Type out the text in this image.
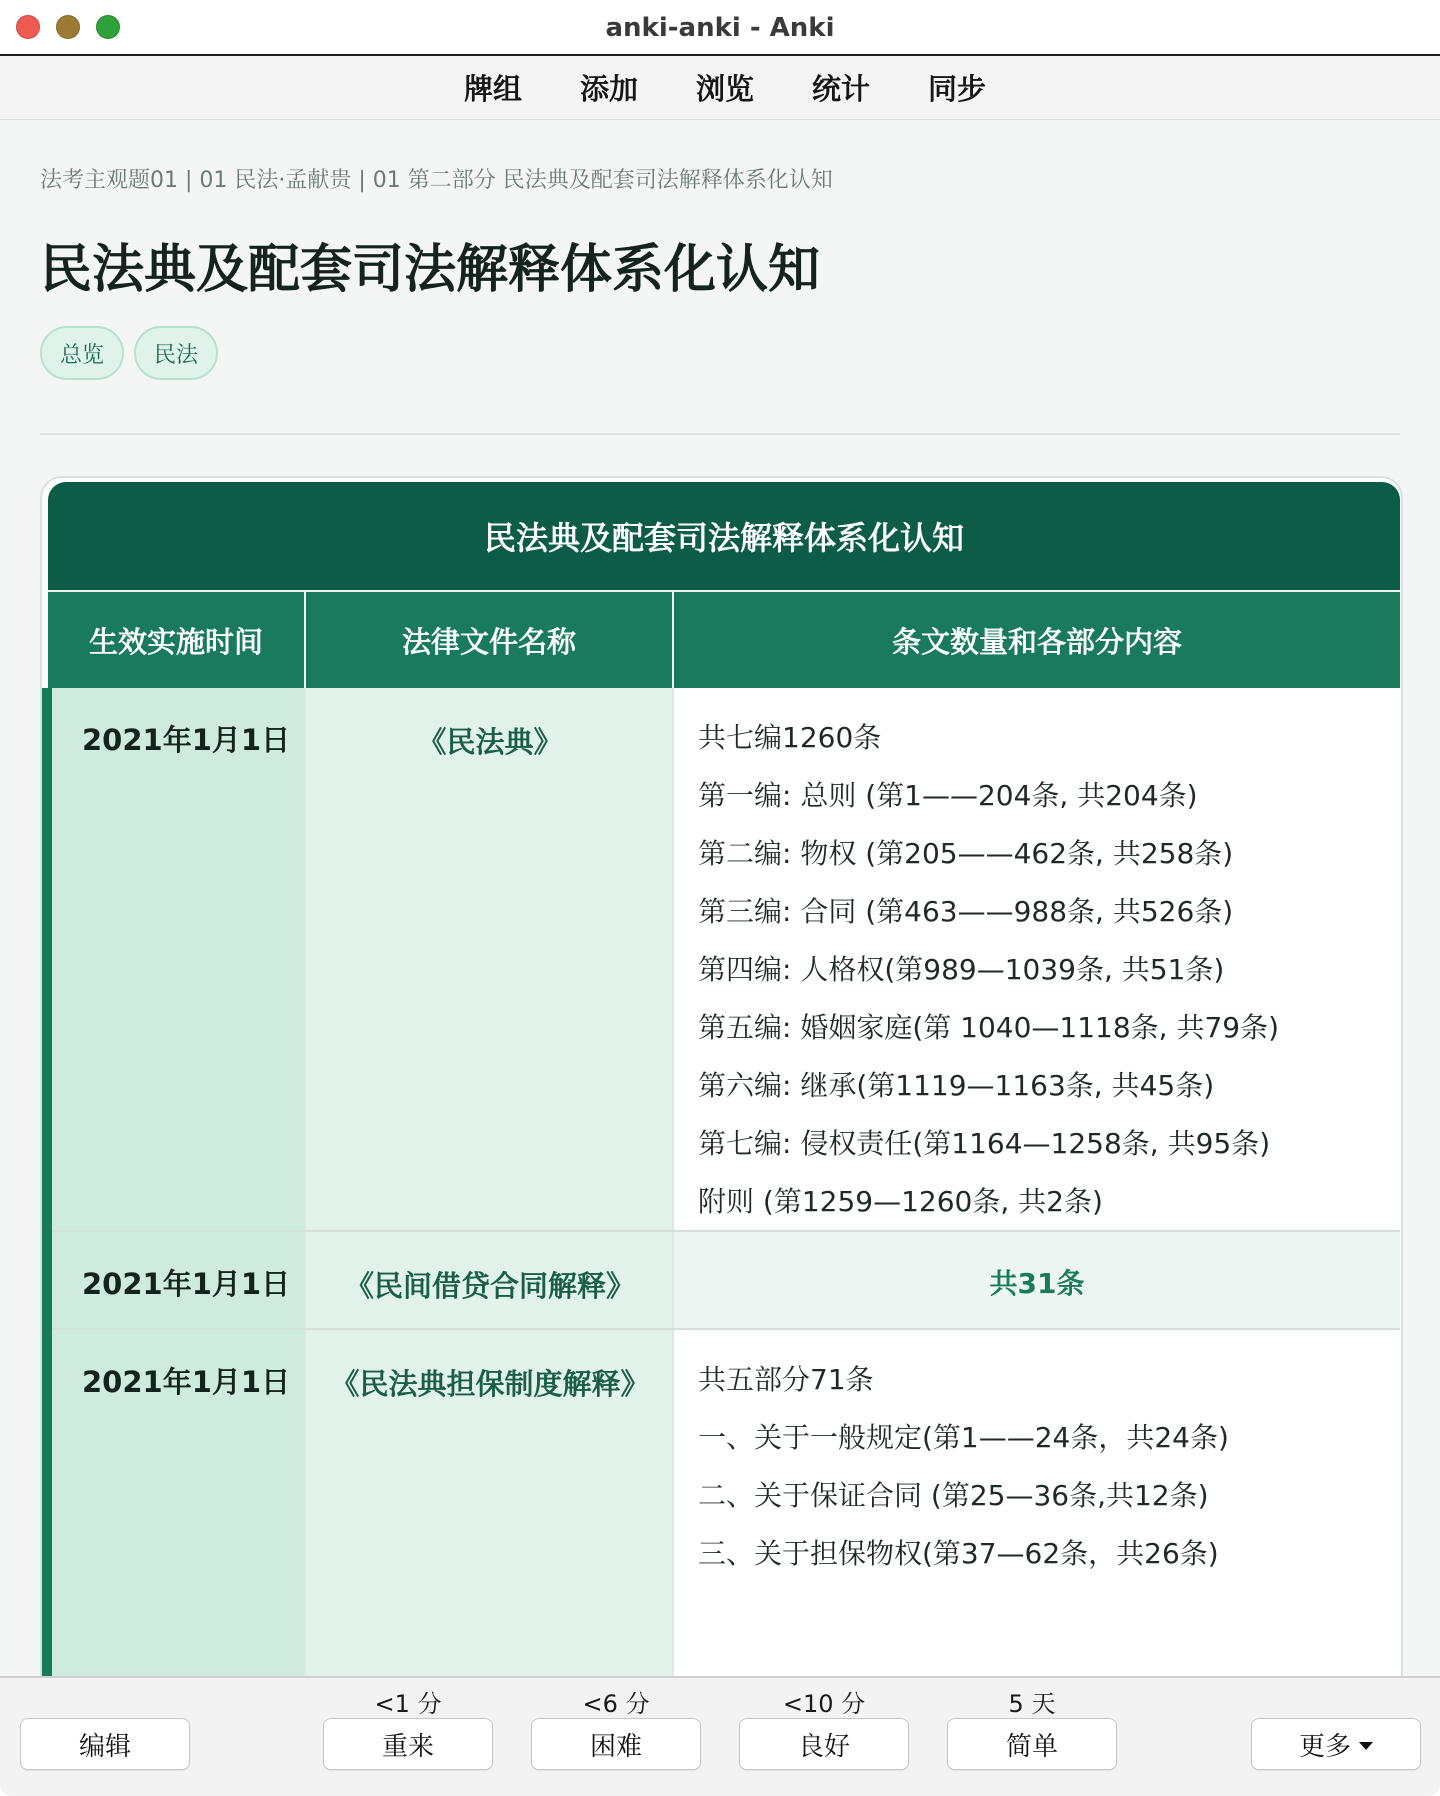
anki-anki - Anki
牌组 添加 浏览 统计 同步
法考主观题01 | 01 民法·孟献贵 | 01 第二部分 民法典及配套司法解释体系化认知
民法典及配套司法解释体系化认知
总览	民法
民法典及配套司法解释体系化认知
生效实施时间	法律文件名称	条文数量和各部分内容
2021年1月1日	《民法典》	共七编1260条
第一编: 总则 (第1——204条, 共204条)
第二编: 物权 (第205——462条, 共258条)
第三编: 合同 (第463——988条, 共526条)
第四编: 人格权(第989—1039条, 共51条)
第五编: 婚姻家庭(第 1040—1118条, 共79条)
第六编: 继承(第1119—1163条, 共45条)
第七编: 侵权责任(第1164—1258条, 共95条)
附则 (第1259—1260条, 共2条)
2021年1月1日	《民间借贷合同解释》	共31条
2021年1月1日 《民法典担保制度解释》 共五部分71条
一、关于一般规定(第1——24条，共24条)
二、关于保证合同 (第25—36条,共12条)
三、关于担保物权(第37—62条，共26条)
编辑
<1 分
重来
<6 分
困难
<10 分
良好
5 天
简单	更多
